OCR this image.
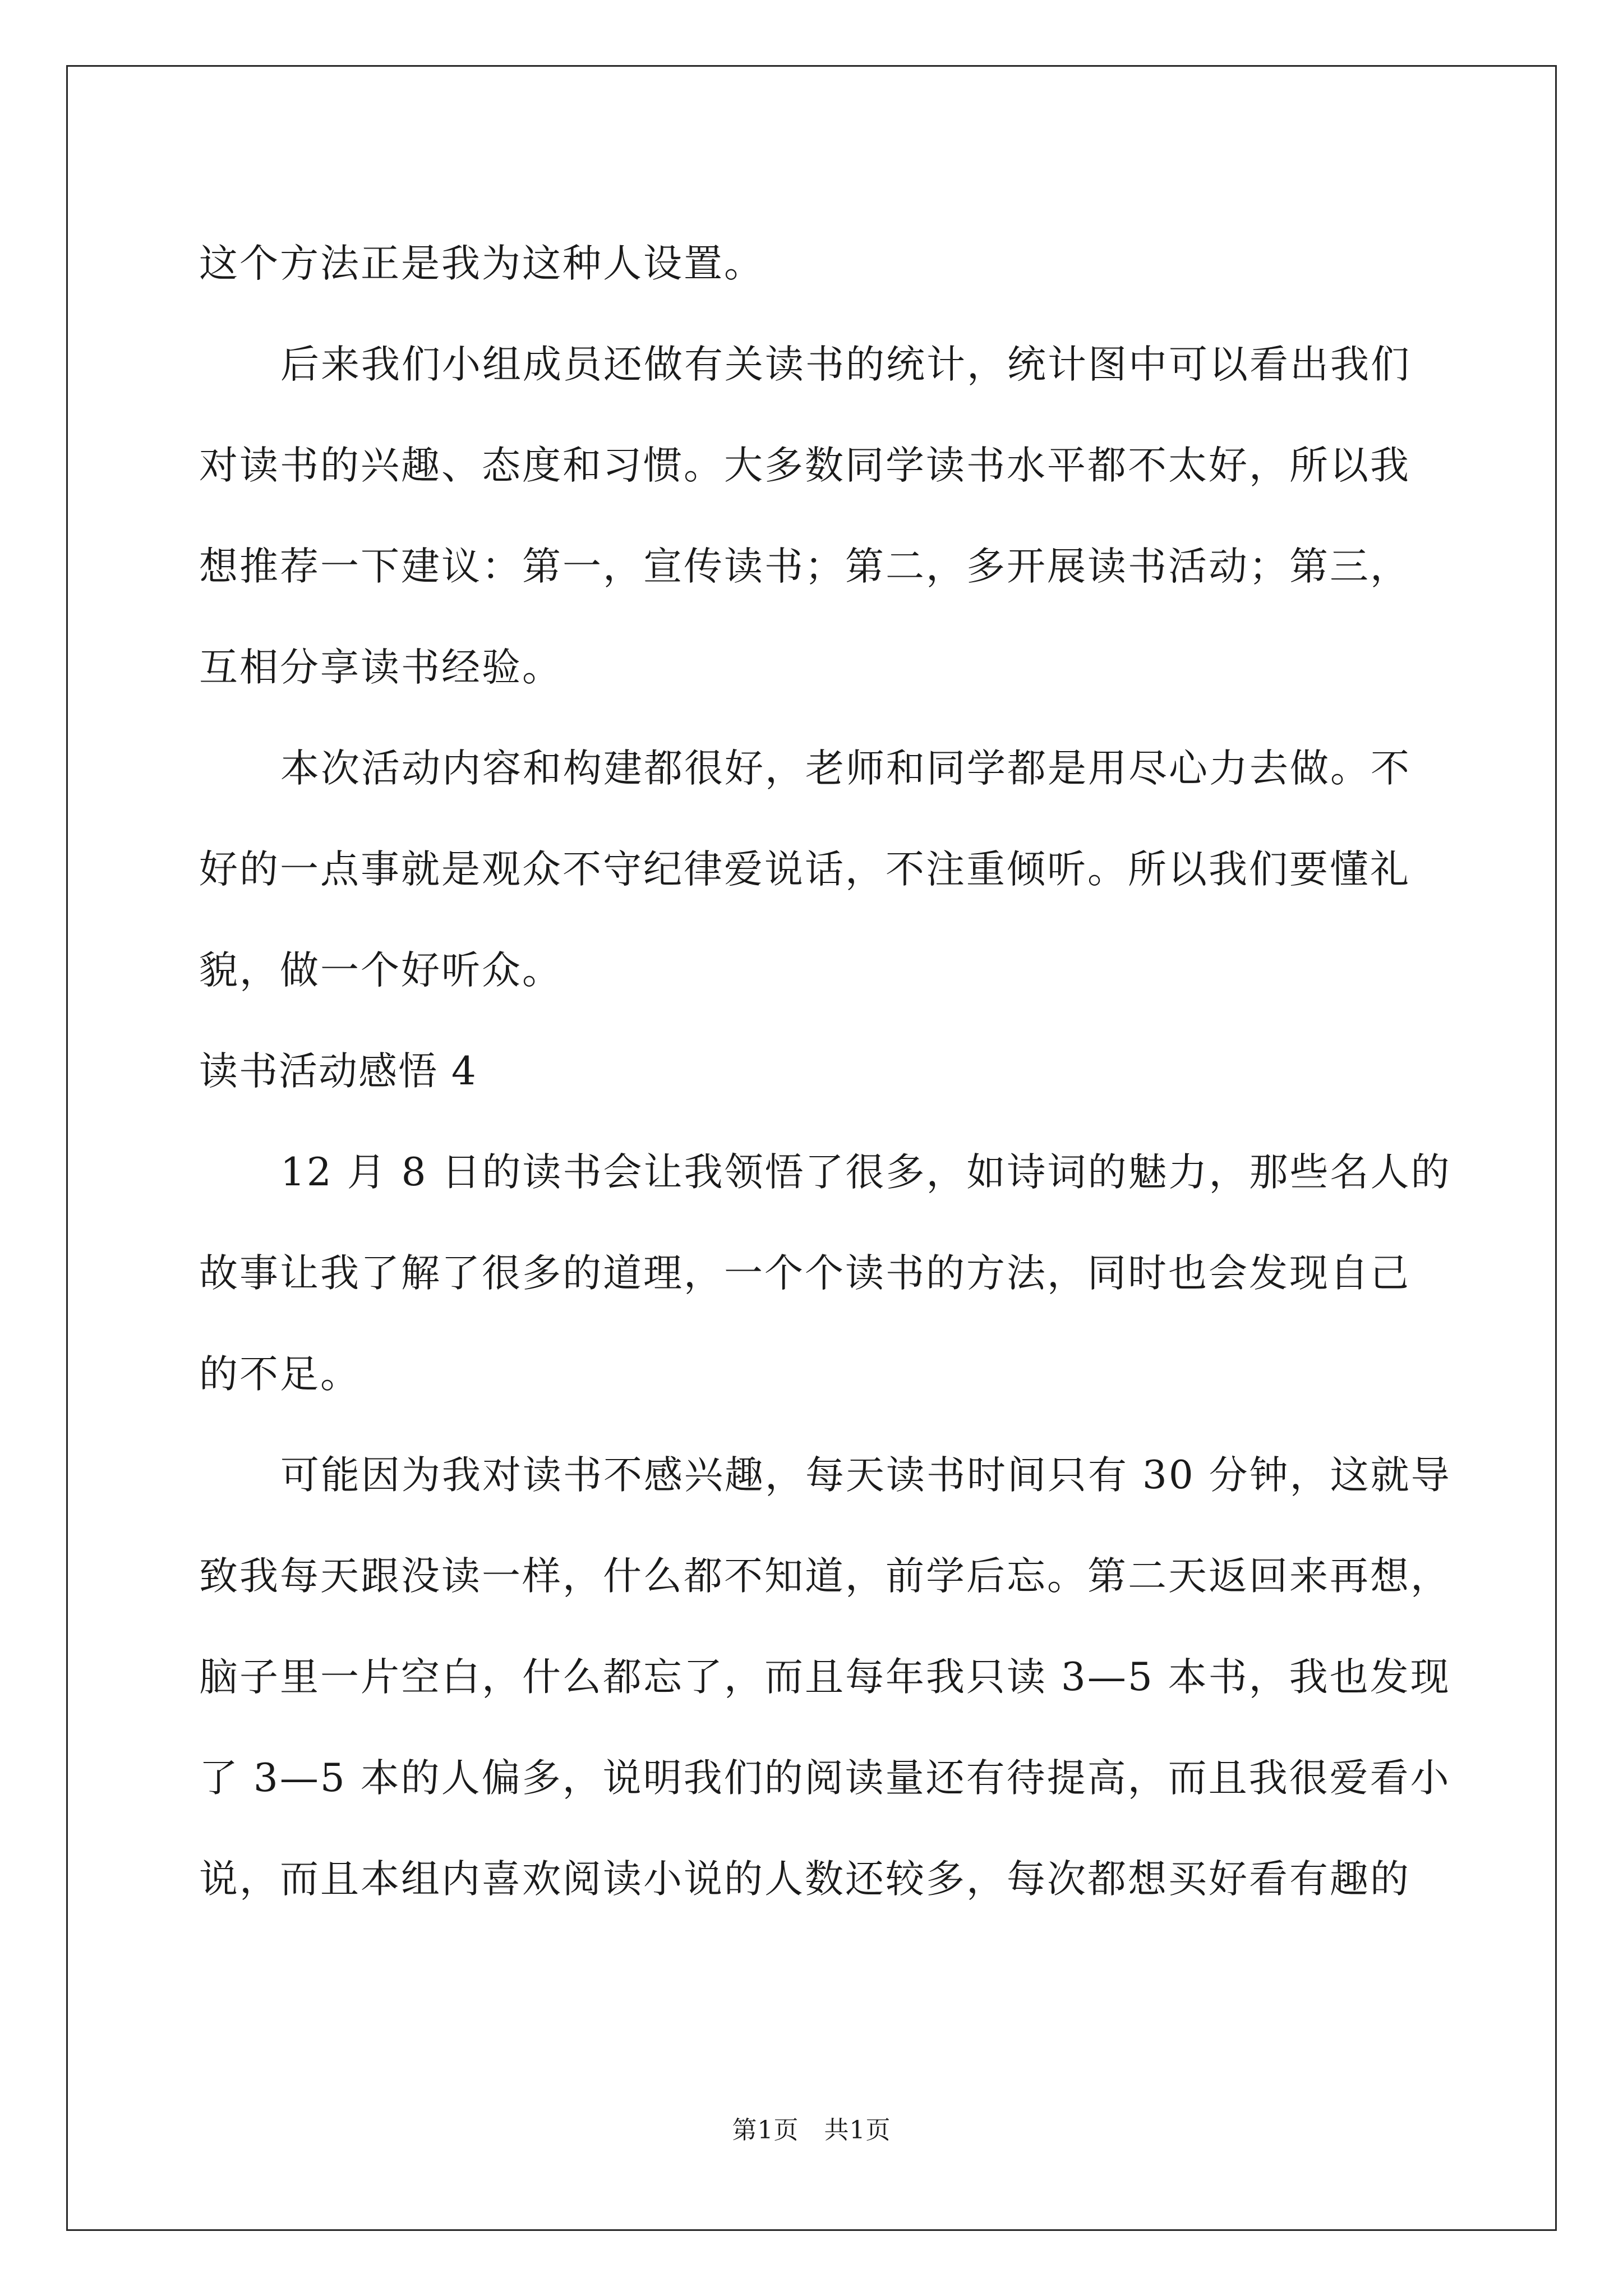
这个方法正是我为这种人设置。
后来我们小组成员还做有关读书的统计，统计图中可以看出我们
对读书的兴趣、态度和习惯。大多数同学读书水平都不太好，所以我
想推荐一下建议：第一，宣传读书；第二，多开展读书活动；第三，
互相分享读书经验。
本次活动内容和构建都很好，老师和同学都是用尽心力去做。不
好的一点事就是观众不守纪律爱说话，不注重倾听。所以我们要懂礼
貌，做一个好听众。
读书活动感悟 4
12 月 8 日的读书会让我领悟了很多，如诗词的魅力，那些名人的
故事让我了解了很多的道理，一个个读书的方法，同时也会发现自己
的不足。
可能因为我对读书不感兴趣，每天读书时间只有 30 分钟，这就导
致我每天跟没读一样，什么都不知道，前学后忘。第二天返回来再想，
脑子里一片空白，什么都忘了，而且每年我只读 3—5 本书，我也发现
了 3—5 本的人偏多，说明我们的阅读量还有待提高，而且我很爱看小
说，而且本组内喜欢阅读小说的人数还较多，每次都想买好看有趣的
第1页   共1页
